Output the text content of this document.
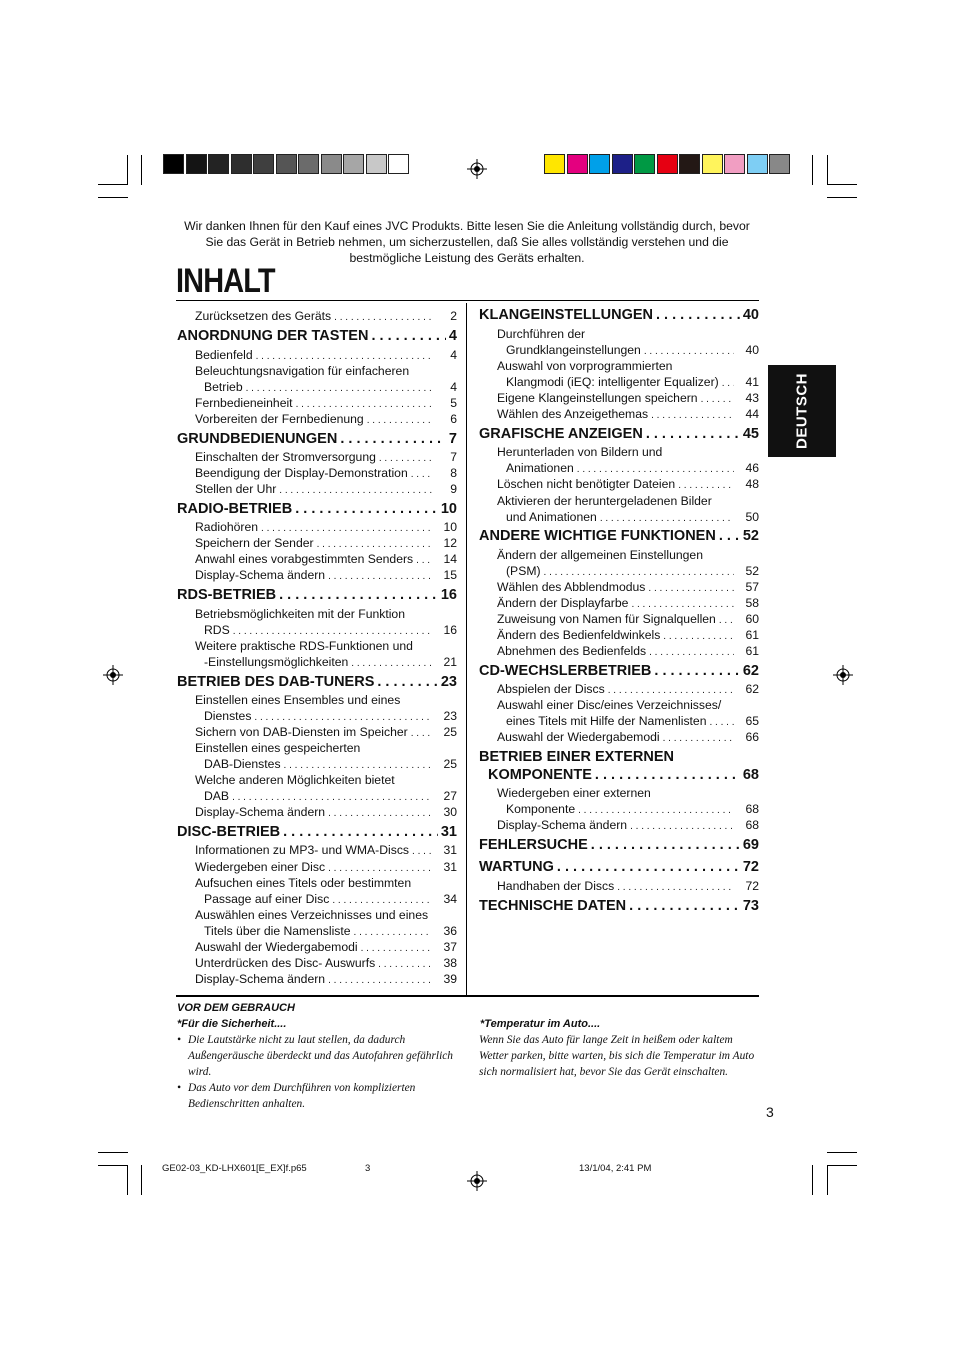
Wir danken Ihnen für den Kauf eines JVC Produkts. Bitte lesen Sie die Anleitung vollständig durch, bevor Sie das Gerät in Betrieb nehmen, um sicherzustellen, daß Sie alles vollständig verstehen und die bestmögliche Leistung des Geräts erhalten.
INHALT
Zurücksetzen des Geräts . . .	2
ANORDNUNG DER TASTEN . . .	4
Bedienfeld . . .	4
Beleuchtungsnavigation für einfacheren
Betrieb . . .	4
Fernbedieneinheit . . .	5
Vorbereiten der Fernbedienung . . .	6
GRUNDBEDIENUNGEN . . .	7
Einschalten der Stromversorgung . . .	7
Beendigung der Display-Demonstration . . .	8
Stellen der Uhr . . .	9
RADIO-BETRIEB . . .	10
Radiohören . . .	10
Speichern der Sender . . .	12
Anwahl eines vorabgestimmten Senders . . .	14
Display-Schema ändern . . .	15
RDS-BETRIEB . . .	16
Betriebsmöglichkeiten mit der Funktion
RDS . . .	16
Weitere praktische RDS-Funktionen und
-Einstellungsmöglichkeiten . . .	21
BETRIEB DES DAB-TUNERS . . .	23
Einstellen eines Ensembles und eines
Dienstes . . .	23
Sichern von DAB-Diensten im Speicher . . .	25
Einstellen eines gespeicherten
DAB-Dienstes . . .	25
Welche anderen Möglichkeiten bietet
DAB . . .	27
Display-Schema ändern . . .	30
DISC-BETRIEB . . .	31
Informationen zu MP3- und WMA-Discs . . .	31
Wiedergeben einer Disc . . .	31
Aufsuchen eines Titels oder bestimmten
Passage auf einer Disc . . .	34
Auswählen eines Verzeichnisses und eines
Titels über die Namensliste . . .	36
Auswahl der Wiedergabemodi . . .	37
Unterdrücken des Disc- Auswurfs . . .	38
Display-Schema ändern . . .	39
KLANGEINSTELLUNGEN . . .	40
Durchführen der
Grundklangeinstellungen . . .	40
Auswahl von vorprogrammierten
Klangmodi (iEQ: intelligenter Equalizer) . . .	41
Eigene Klangeinstellungen speichern . . .	43
Wählen des Anzeigethemas . . .	44
GRAFISCHE ANZEIGEN . . .	45
Herunterladen von Bildern und
Animationen . . .	46
Löschen nicht benötigter Dateien . . .	48
Aktivieren der heruntergeladenen Bilder
und Animationen . . .	50
ANDERE WICHTIGE FUNKTIONEN . . . 52
Ändern der allgemeinen Einstellungen
(PSM) . . .	52
Wählen des Abblendmodus . . .	57
Ändern der Displayfarbe . . .	58
Zuweisung von Namen für Signalquellen . . .	60
Ändern des Bedienfeldwinkels . . .	61
Abnehmen des Bedienfelds . . .	61
CD-WECHSLERBETRIEB . . .	62
Abspielen der Discs . . .	62
Auswahl einer Disc/eines Verzeichnisses/
eines Titels mit Hilfe der Namenlisten . . .	65
Auswahl der Wiedergabemodi . . .	66
BETRIEB EINER EXTERNEN
KOMPONENTE . . .	68
Wiedergeben einer externen
Komponente . . .	68
Display-Schema ändern . . .	68
FEHLERSUCHE . . .	69
WARTUNG . . .	72
Handhaben der Discs . . .	72
TECHNISCHE DATEN . . .	73
DEUTSCH
VOR DEM GEBRAUCH
*Für die Sicherheit....
• Die Lautstärke nicht zu laut stellen, da dadurch Außengeräusche überdeckt und das Autofahren gefährlich wird.
• Das Auto vor dem Durchführen von komplizierten Bedienschritten anhalten.
*Temperatur im Auto....
Wenn Sie das Auto für lange Zeit in heißem oder kaltem Wetter parken, bitte warten, bis sich die Temperatur im Auto sich normalisiert hat, bevor Sie das Gerät einschalten.
3
GE02-03_KD-LHX601[E_EX]f.p65	3	13/1/04, 2:41 PM
